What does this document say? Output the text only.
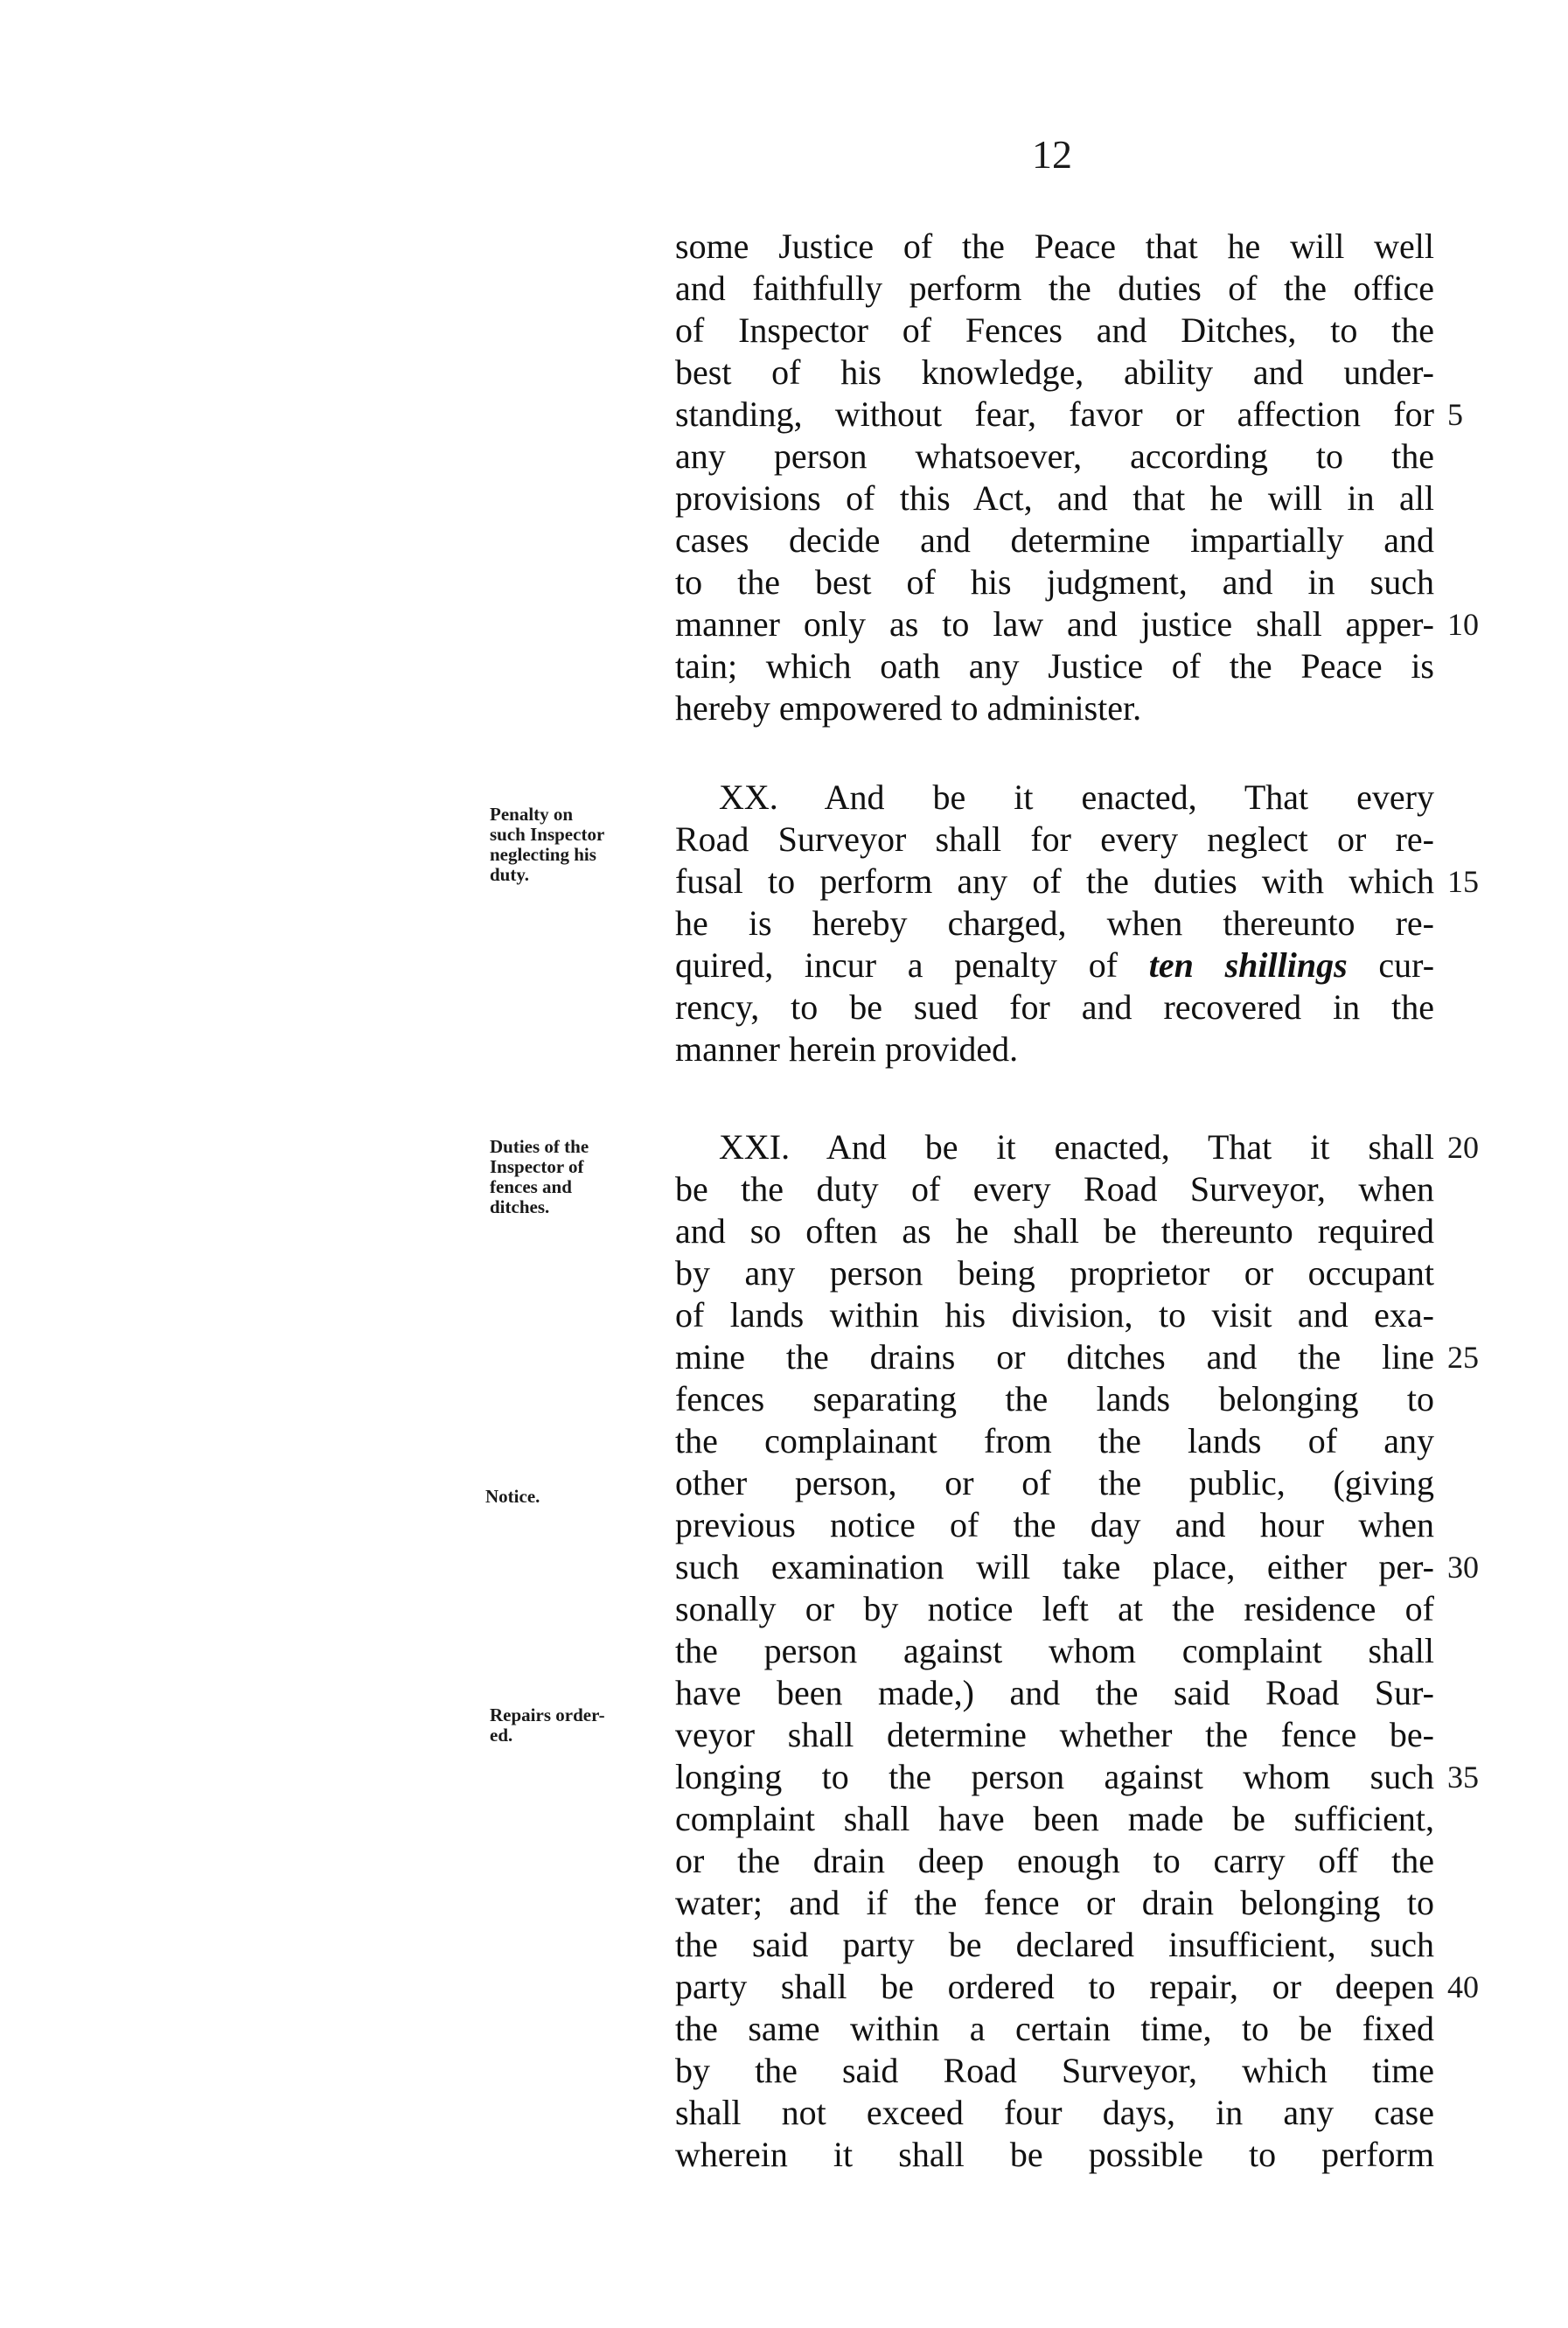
12
some Justice of the Peace that he will well
and faithfully perform the duties of the office
of Inspector of Fences and Ditches, to the
best of his knowledge, ability and under-
standing, without fear, favor or affection for
any person whatsoever, according to the
provisions of this Act, and that he will in all
cases decide and determine impartially and
to the best of his judgment, and in such
manner only as to law and justice shall apper-
tain; which oath any Justice of the Peace is
hereby empowered to administer.
XX. And be it enacted, That every
Road Surveyor shall for every neglect or re-
fusal to perform any of the duties with which
he is hereby charged, when thereunto re-
quired, incur a penalty of ten shillings cur-
rency, to be sued for and recovered in the
manner herein provided.
XXI. And be it enacted, That it shall
be the duty of every Road Surveyor, when
and so often as he shall be thereunto required
by any person being proprietor or occupant
of lands within his division, to visit and exa-
mine the drains or ditches and the line
fences separating the lands belonging to
the complainant from the lands of any
other person, or of the public, (giving
previous notice of the day and hour when
such examination will take place, either per-
sonally or by notice left at the residence of
the person against whom complaint shall
have been made,) and the said Road Sur-
veyor shall determine whether the fence be-
longing to the person against whom such
complaint shall have been made be sufficient,
or the drain deep enough to carry off the
water; and if the fence or drain belonging to
the said party be declared insufficient, such
party shall be ordered to repair, or deepen
the same within a certain time, to be fixed
by the said Road Surveyor, which time
shall not exceed four days, in any case
wherein it shall be possible to perform
5
10
15
20
25
30
35
40
Penalty on
such Inspector
neglecting his
duty.
Duties of the
Inspector of
fences and
ditches.
Notice.
Repairs order-
ed.
